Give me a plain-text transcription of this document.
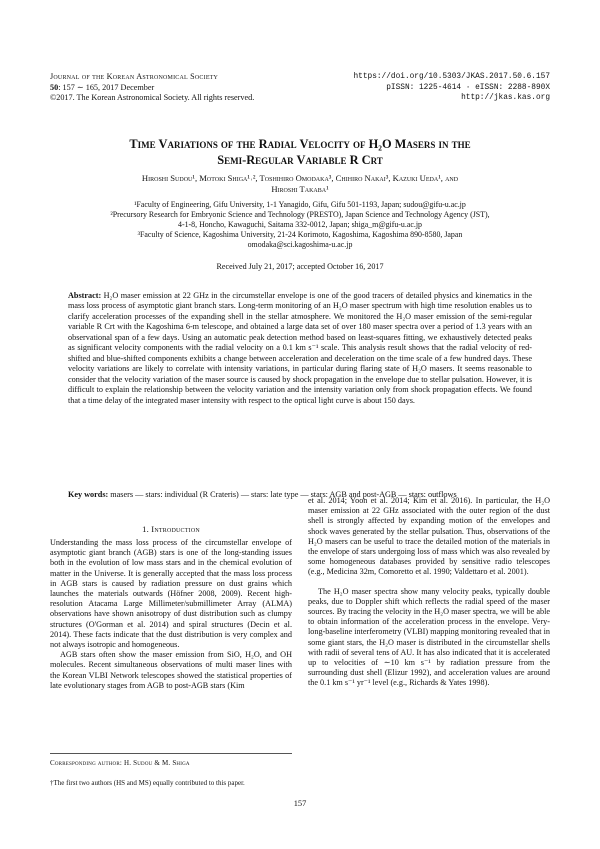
Journal of the Korean Astronomical Society
50: 157 ∼ 165, 2017 December
©2017. The Korean Astronomical Society. All rights reserved.
https://doi.org/10.5303/JKAS.2017.50.6.157
pISSN: 1225-4614 · eISSN: 2288-890X
http://jkas.kas.org
Time Variations of the Radial Velocity of H₂O Masers in the
Semi-Regular Variable R Crt
Hiroshi Sudou¹, Motoki Shiga¹˒², Toshihiro Omodaka³, Chihiro Nakai³, Kazuki Ueda¹, and
Hiroshi Takaba¹
¹Faculty of Engineering, Gifu University, 1-1 Yanagido, Gifu, Gifu 501-1193, Japan; sudou@gifu-u.ac.jp
²Precursory Research for Embryonic Science and Technology (PRESTO), Japan Science and Technology Agency (JST),
4-1-8, Honcho, Kawaguchi, Saitama 332-0012, Japan; shiga_m@gifu-u.ac.jp
³Faculty of Science, Kagoshima University, 21-24 Korimoto, Kagoshima, Kagoshima 890-8580, Japan
omodaka@sci.kagoshima-u.ac.jp
Received July 21, 2017; accepted October 16, 2017
Abstract: H₂O maser emission at 22 GHz in the circumstellar envelope is one of the good tracers of detailed physics and kinematics in the mass loss process of asymptotic giant branch stars. Long-term monitoring of an H₂O maser spectrum with high time resolution enables us to clarify acceleration processes of the expanding shell in the stellar atmosphere. We monitored the H₂O maser emission of the semi-regular variable R Crt with the Kagoshima 6-m telescope, and obtained a large data set of over 180 maser spectra over a period of 1.3 years with an observational span of a few days. Using an automatic peak detection method based on least-squares fitting, we exhaustively detected peaks as significant velocity components with the radial velocity on a 0.1 km s⁻¹ scale. This analysis result shows that the radial velocity of red-shifted and blue-shifted components exhibits a change between acceleration and deceleration on the time scale of a few hundred days. These velocity variations are likely to correlate with intensity variations, in particular during flaring state of H₂O masers. It seems reasonable to consider that the velocity variation of the maser source is caused by shock propagation in the envelope due to stellar pulsation. However, it is difficult to explain the relationship between the velocity variation and the intensity variation only from shock propagation effects. We found that a time delay of the integrated maser intensity with respect to the optical light curve is about 150 days.
Key words: masers — stars: individual (R Crateris) — stars: late type — stars: AGB and post-AGB — stars: outflows
1. Introduction

Understanding the mass loss process of the circumstellar envelope of asymptotic giant branch (AGB) stars is one of the long-standing issues both in the evolution of low mass stars and in the chemical evolution of matter in the Universe. It is generally accepted that the mass loss process in AGB stars is caused by radiation pressure on dust grains which launches the materials outwards (Höfner 2008, 2009). Recent high-resolution Atacama Large Millimeter/submillimeter Array (ALMA) observations have shown anisotropy of dust distribution such as clumpy structures (O'Gorman et al. 2014) and spiral structures (Decin et al. 2014). These facts indicate that the dust distribution is very complex and not always isotropic and homogeneous.

AGB stars often show the maser emission from SiO, H₂O, and OH molecules. Recent simultaneous observations of multi maser lines with the Korean VLBI Network telescopes showed the statistical properties of late evolutionary stages from AGB to post-AGB stars (Kim

Corresponding author: H. Sudou & M. Shiga
†The first two authors (HS and MS) equally contributed to this paper.

et al. 2014; Yoon et al. 2014; Kim et al. 2016). In particular, the H₂O maser emission at 22 GHz associated with the outer region of the dust shell is strongly affected by expanding motion of the envelopes and shock waves generated by the stellar pulsation. Thus, observations of the H₂O masers can be useful to trace the detailed motion of the materials in the envelope of stars undergoing loss of mass which was also revealed by some homogeneous databases provided by sensitive radio telescopes (e.g., Medicina 32m, Comoretto et al. 1990; Valdettaro et al. 2001).

The H₂O maser spectra show many velocity peaks, typically double peaks, due to Doppler shift which reflects the radial speed of the maser sources. By tracing the velocity in the H₂O maser spectra, we will be able to obtain information of the acceleration process in the envelope. Very-long-baseline interferometry (VLBI) mapping monitoring revealed that in some giant stars, the H₂O maser is distributed in the circumstellar shells with radii of several tens of AU. It has also indicated that it is accelerated up to velocities of ∼10 km s⁻¹ by radiation pressure from the surrounding dust shell (Elizur 1992), and acceleration values are around the 0.1 km s⁻¹ yr⁻¹ level (e.g., Richards & Yates 1998).

157
